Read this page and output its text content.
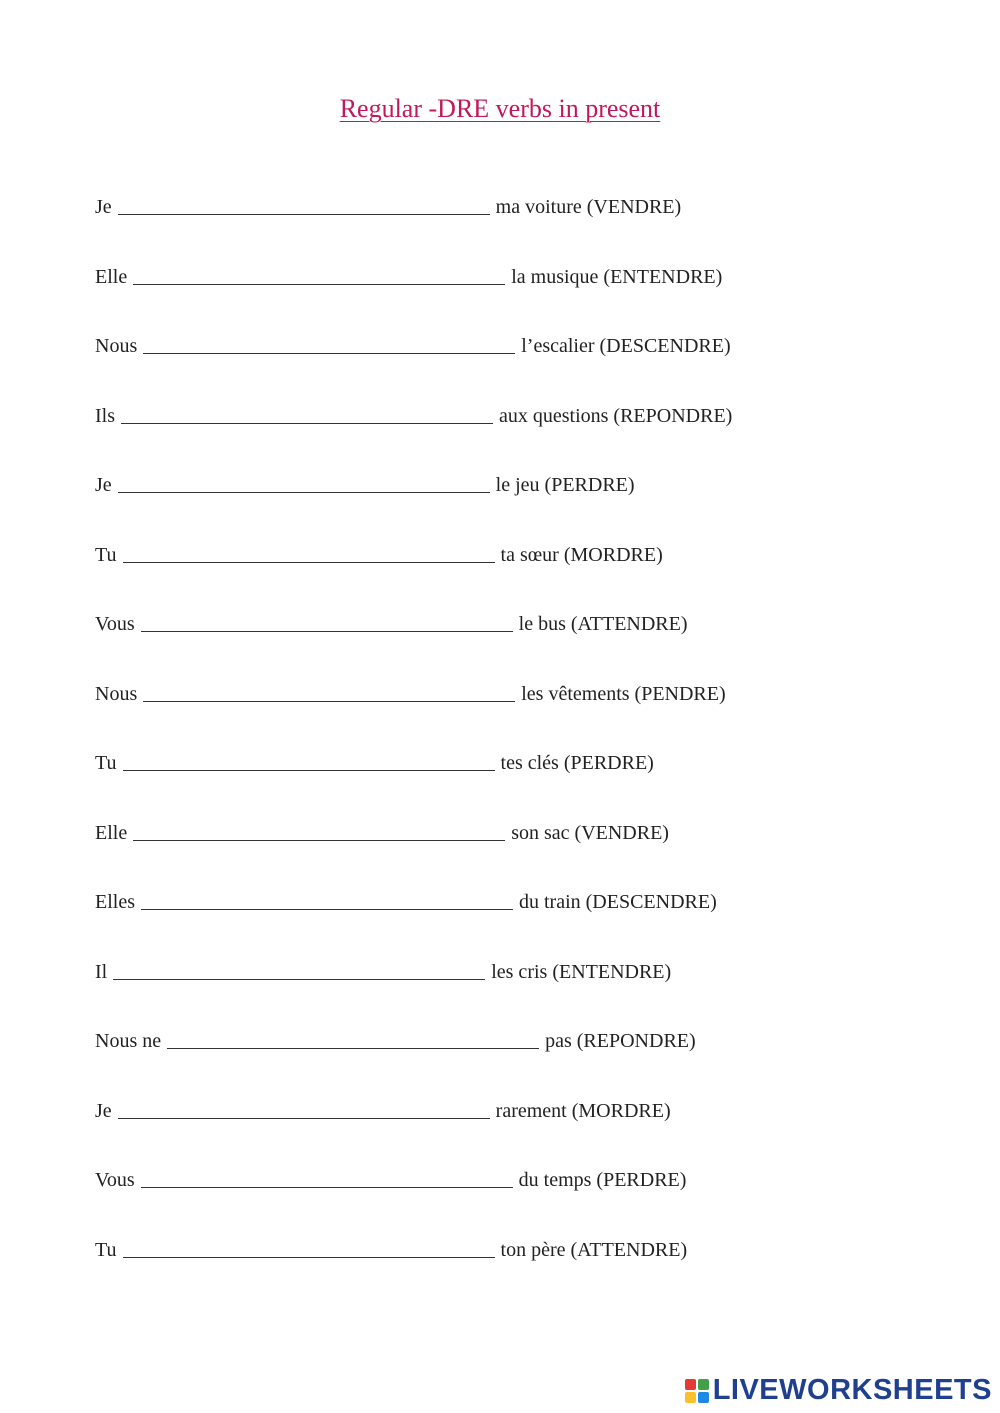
Regular -DRE verbs in present
Je	ma voiture (VENDRE)
Elle	la musique (ENTENDRE)
Nous	l’escalier (DESCENDRE)
Ils	aux questions (REPONDRE)
Je	le jeu (PERDRE)
Tu	ta sœur (MORDRE)
Vous	le bus (ATTENDRE)
Nous	les vêtements (PENDRE)
Tu	tes clés (PERDRE)
Elle	son sac (VENDRE)
Elles	du train (DESCENDRE)
Il	les cris (ENTENDRE)
Nous ne	pas (REPONDRE)
Je	rarement (MORDRE)
Vous	du temps (PERDRE)
Tu	ton père (ATTENDRE)
LIVEWORKSHEETS
